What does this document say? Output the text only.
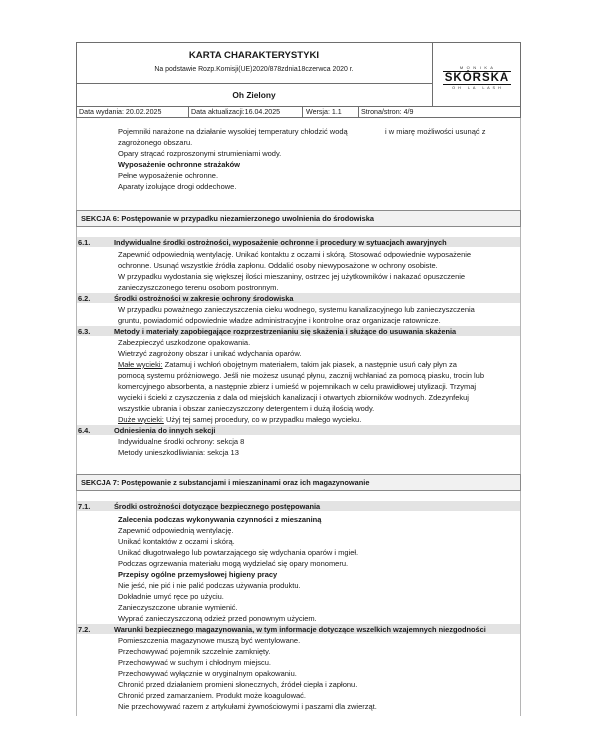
KARTA CHARAKTERYSTYKI
Na podstawie Rozp.Komisji(UE)2020/878zdnia18czerwca 2020 r.
Oh Zielony
M O N I K A
SKÓRSKA
O H   L A   L A S H
Data wydania: 20.02.2025	Data aktualizacji:16.04.2025	Wersja: 1.1	Strona/stron: 4/9
Pojemniki narażone na działanie wysokiej temperatury chłodzić wodą	i w miarę możliwości usunąć z
zagrożonego obszaru.
Opary strącać rozproszonymi strumieniami wody.
Wyposażenie ochronne strażaków
Pełne wyposażenie ochronne.
Aparaty izolujące drogi oddechowe.
SEKCJA 6: Postępowanie w przypadku niezamierzonego uwolnienia do środowiska
6.1.	Indywidualne środki ostrożności, wyposażenie ochronne i procedury w sytuacjach awaryjnych
Zapewnić odpowiednią wentylację. Unikać kontaktu z oczami i skórą. Stosować odpowiednie wyposażenie
ochronne. Usunąć wszystkie źródła zapłonu. Oddalić osoby niewyposażone w ochrony osobiste.
W przypadku wydostania się większej ilości mieszaniny, ostrzec jej użytkowników i nakazać opuszczenie
zanieczyszczonego terenu osobom postronnym.
6.2.	Środki ostrożności w zakresie ochrony środowiska
W przypadku poważnego zanieczyszczenia cieku wodnego, systemu kanalizacyjnego lub zanieczyszczenia
gruntu, powiadomić odpowiednie władze administracyjne i kontrolne oraz organizacje ratownicze.
6.3.	Metody i materiały zapobiegające rozprzestrzenianiu się skażenia i służące do usuwania skażenia
Zabezpieczyć uszkodzone opakowania.
Wietrzyć zagrożony obszar i unikać wdychania oparów.
Małe wycieki: Zatamuj i wchłoń obojętnym materiałem, takim jak piasek, a następnie usuń cały płyn za
pomocą systemu próżniowego. Jeśli nie możesz usunąć płynu, zacznij wchłaniać za pomocą piasku, trocin lub
komercyjnego absorbenta, a następnie zbierz i umieść w pojemnikach w celu prawidłowej utylizacji. Trzymaj
wycieki i ścieki z czyszczenia z dala od miejskich kanalizacji i otwartych zbiorników wodnych. Zdezynfekuj
wszystkie ubrania i obszar zanieczyszczony detergentem i dużą ilością wody.
Duże wycieki: Użyj tej samej procedury, co w przypadku małego wycieku.
6.4.	Odniesienia do innych sekcji
Indywidualne środki ochrony: sekcja 8
Metody unieszkodliwiania: sekcja 13
SEKCJA 7: Postępowanie z substancjami i mieszaninami oraz ich magazynowanie
7.1.	Środki ostrożności dotyczące bezpiecznego postępowania
Zalecenia podczas wykonywania czynności z mieszaniną
Zapewnić odpowiednią wentylację.
Unikać kontaktów z oczami i skórą.
Unikać długotrwałego lub powtarzającego się wdychania oparów i mgieł.
Podczas ogrzewania materiału mogą wydzielać się opary monomeru.
Przepisy ogólne przemysłowej higieny pracy
Nie jeść, nie pić i nie palić podczas używania produktu.
Dokładnie umyć ręce po użyciu.
Zanieczyszczone ubranie wymienić.
Wyprać zanieczyszczoną odzież przed ponownym użyciem.
7.2.	Warunki bezpiecznego magazynowania, w tym informacje dotyczące wszelkich wzajemnych niezgodności
Pomieszczenia magazynowe muszą być wentylowane.
Przechowywać pojemnik szczelnie zamknięty.
Przechowywać w suchym i chłodnym miejscu.
Przechowywać wyłącznie w oryginalnym opakowaniu.
Chronić przed działaniem promieni słonecznych, źródeł ciepła i zapłonu.
Chronić przed zamarzaniem. Produkt może koagulować.
Nie przechowywać razem z artykułami żywnościowymi i paszami dla zwierząt.
